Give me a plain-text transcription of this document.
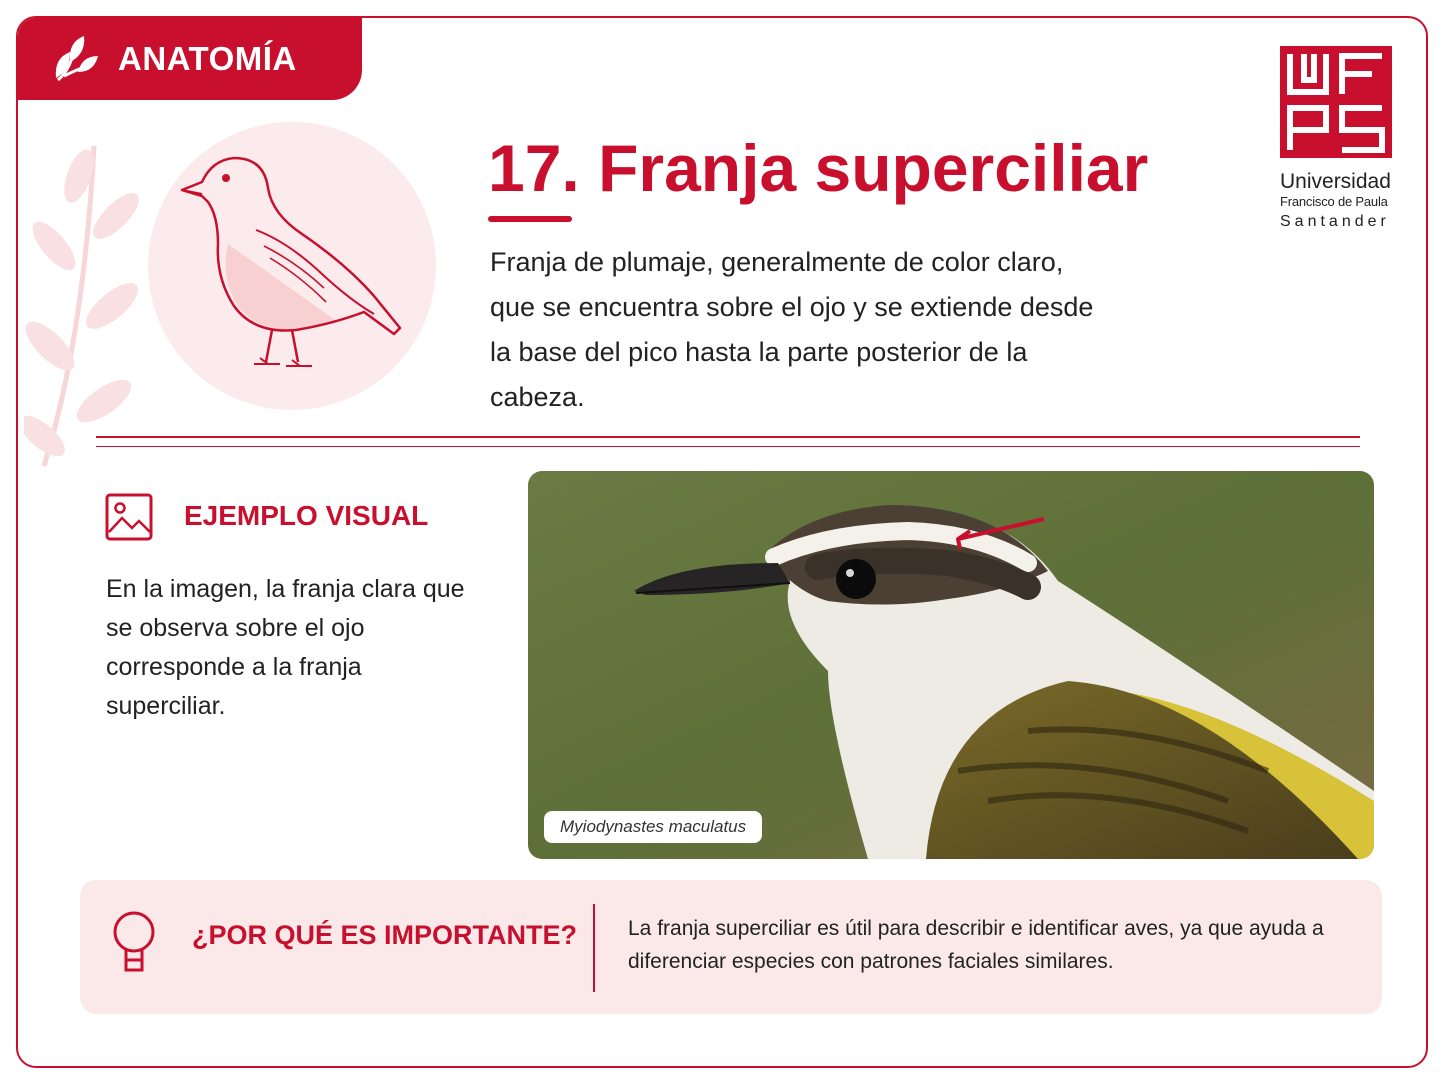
ANATOMÍA
17. Franja superciliar

Franja de plumaje, generalmente de color claro, que se encuentra sobre el ojo y se extiende desde la base del pico hasta la parte posterior de la cabeza.

Universidad
Francisco de Paula
Santander
EJEMPLO VISUAL

En la imagen, la franja clara que se observa sobre el ojo corresponde a la franja superciliar.

Myiodynastes maculatus
¿POR QUÉ ES IMPORTANTE? La franja superciliar es útil para describir e identificar aves, ya que ayuda a diferenciar especies con patrones faciales similares.
